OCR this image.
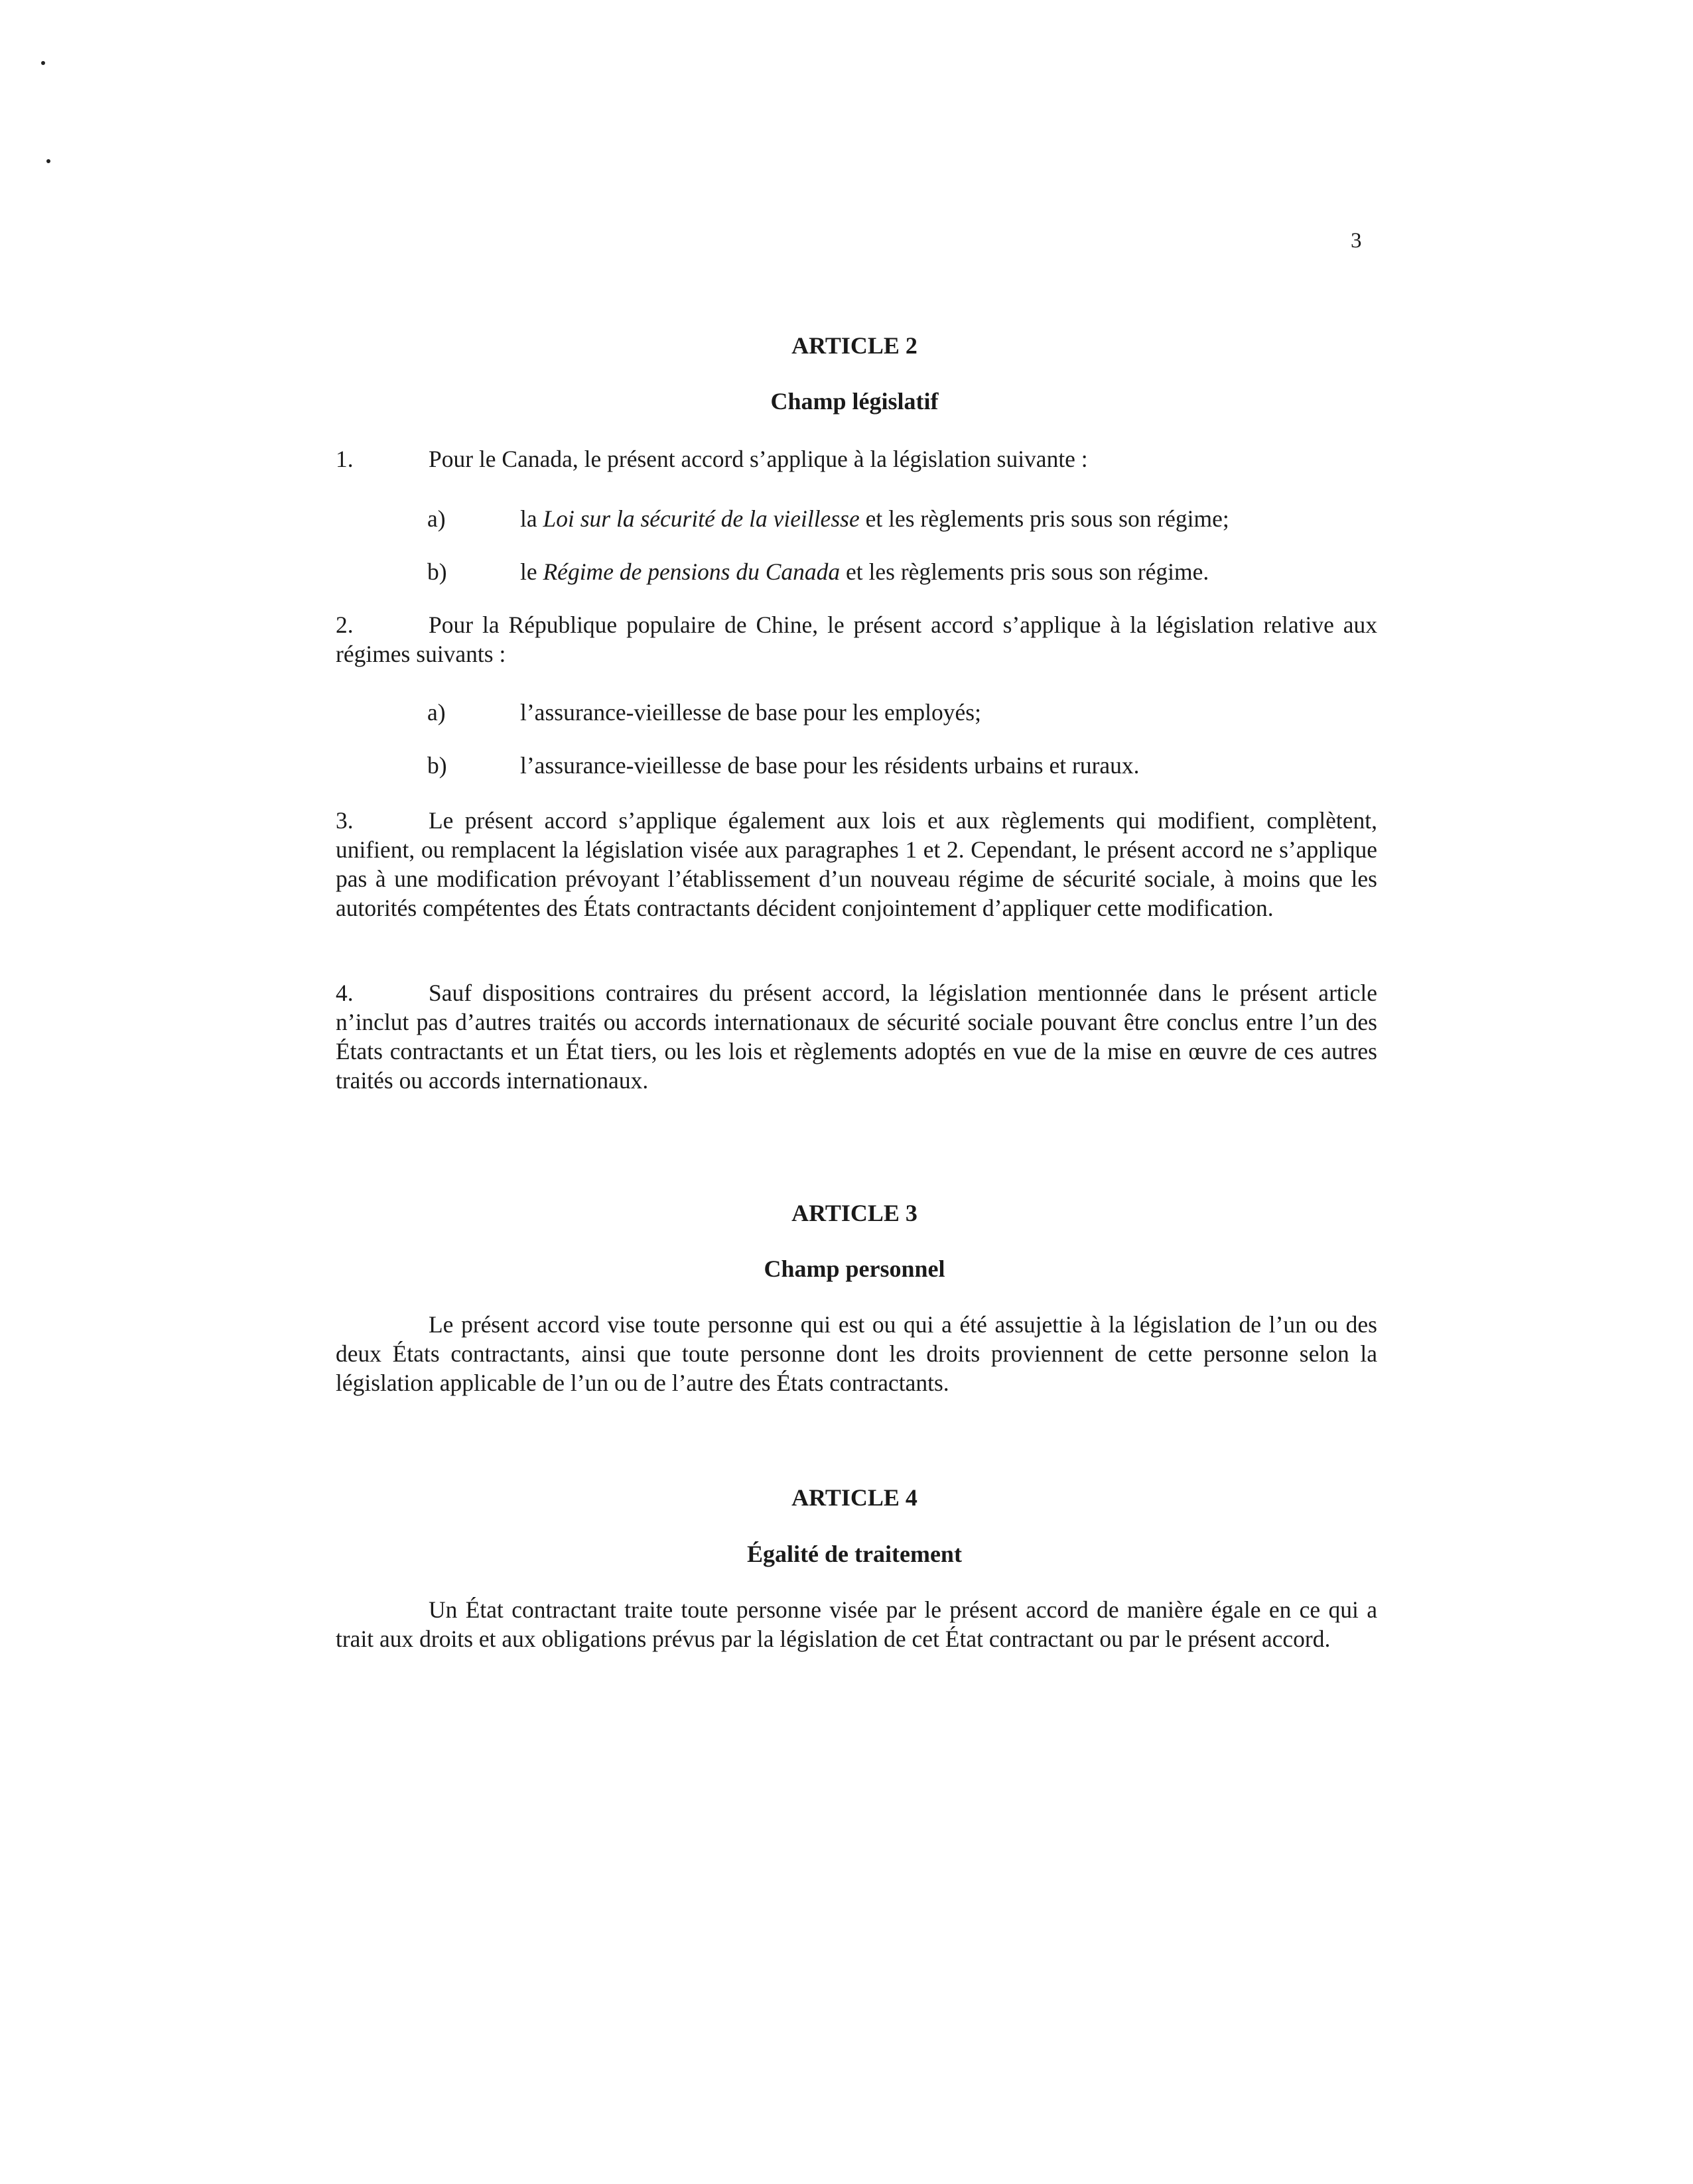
3
ARTICLE 2
Champ législatif
1.	Pour le Canada, le présent accord s’applique à la législation suivante :
a)	la Loi sur la sécurité de la vieillesse et les règlements pris sous son régime;
b)	le Régime de pensions du Canada et les règlements pris sous son régime.
2.	Pour la République populaire de Chine, le présent accord s’applique à la législation relative aux régimes suivants :
a)	l’assurance-vieillesse de base pour les employés;
b)	l’assurance-vieillesse de base pour les résidents urbains et ruraux.
3.	Le présent accord s’applique également aux lois et aux règlements qui modifient, complètent, unifient, ou remplacent la législation visée aux paragraphes 1 et 2. Cependant, le présent accord ne s’applique pas à une modification prévoyant l’établissement d’un nouveau régime de sécurité sociale, à moins que les autorités compétentes des États contractants décident conjointement d’appliquer cette modification.
4.	Sauf dispositions contraires du présent accord, la législation mentionnée dans le présent article n’inclut pas d’autres traités ou accords internationaux de sécurité sociale pouvant être conclus entre l’un des États contractants et un État tiers, ou les lois et règlements adoptés en vue de la mise en œuvre de ces autres traités ou accords internationaux.
ARTICLE 3
Champ personnel
Le présent accord vise toute personne qui est ou qui a été assujettie à la législation de l’un ou des deux États contractants, ainsi que toute personne dont les droits proviennent de cette personne selon la législation applicable de l’un ou de l’autre des États contractants.
ARTICLE 4
Égalité de traitement
Un État contractant traite toute personne visée par le présent accord de manière égale en ce qui a trait aux droits et aux obligations prévus par la législation de cet État contractant ou par le présent accord.
